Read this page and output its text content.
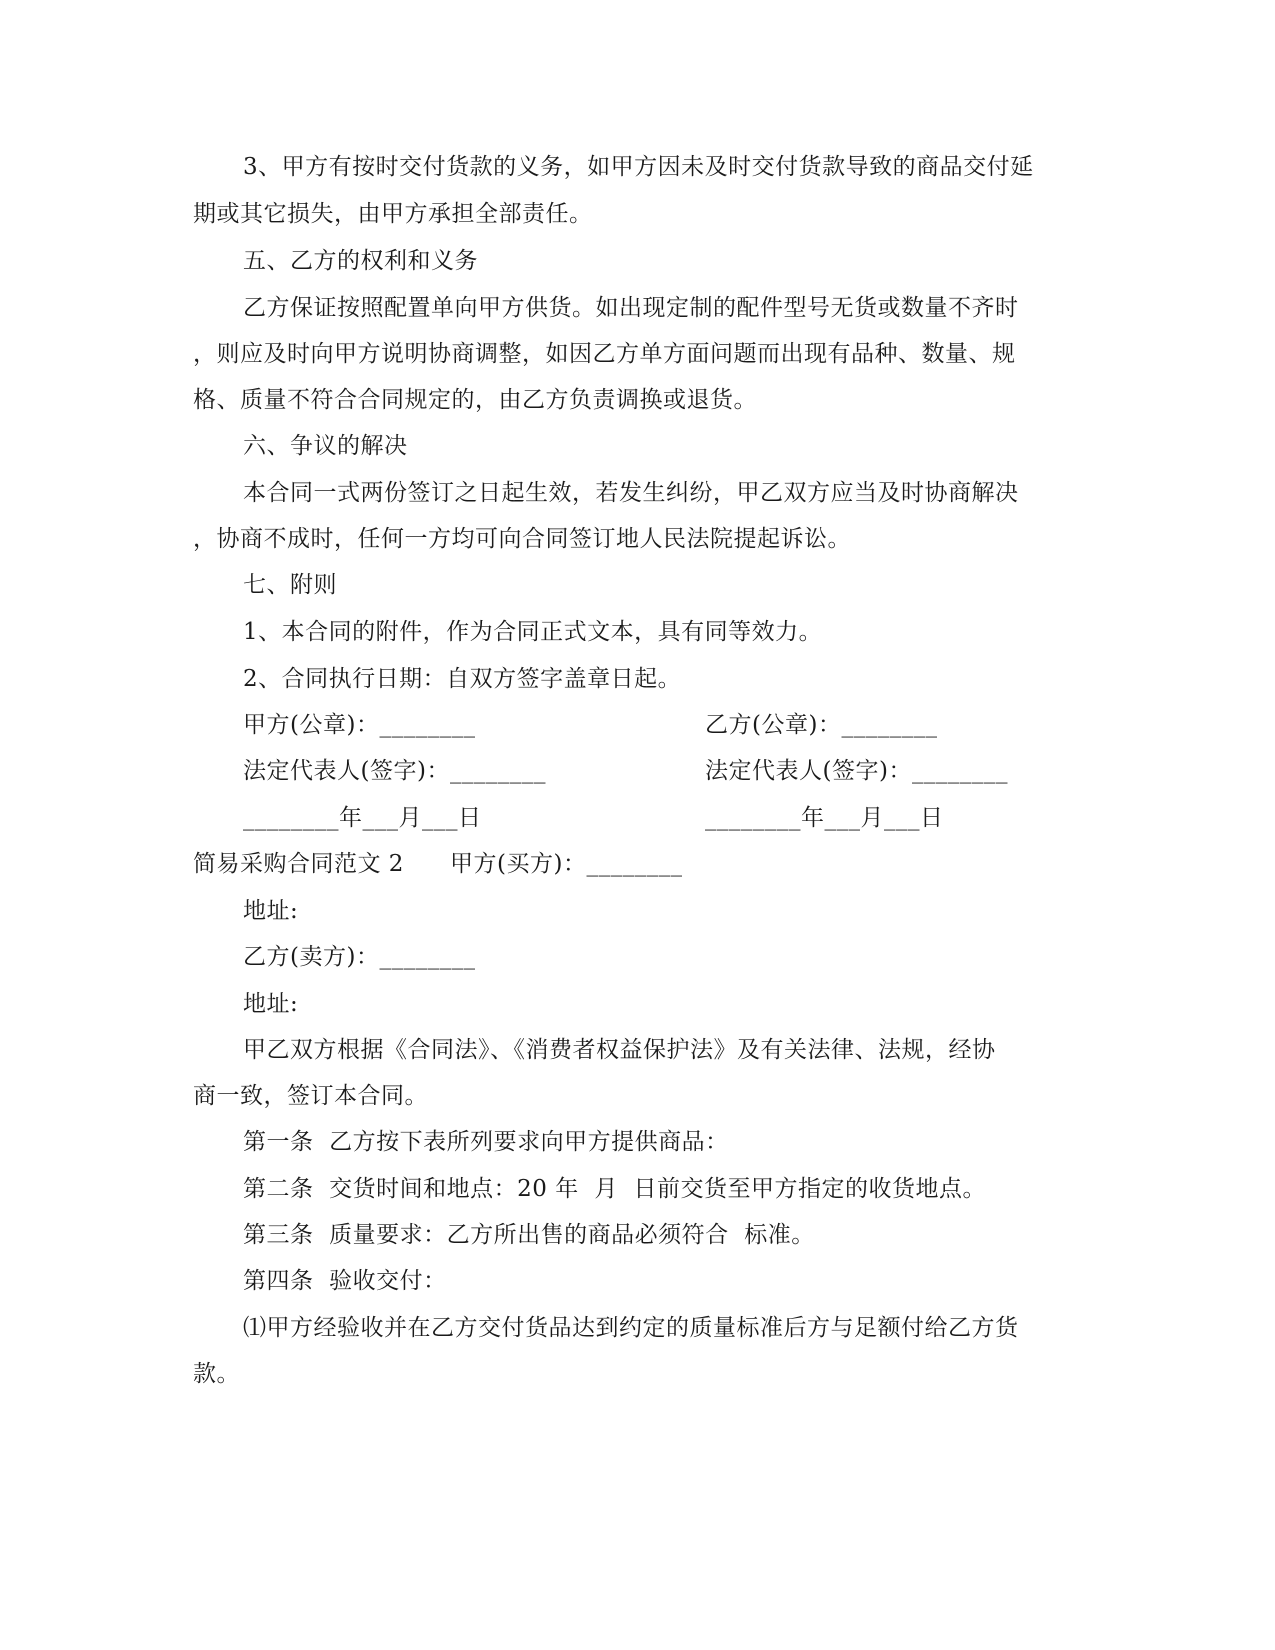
3、甲方有按时交付货款的义务，如甲方因未及时交付货款导致的商品交付延
期或其它损失，由甲方承担全部责任。
五、乙方的权利和义务
乙方保证按照配置单向甲方供货。如出现定制的配件型号无货或数量不齐时
，则应及时向甲方说明协商调整，如因乙方单方面问题而出现有品种、数量、规
格、质量不符合合同规定的，由乙方负责调换或退货。
六、争议的解决
本合同一式两份签订之日起生效，若发生纠纷，甲乙双方应当及时协商解决
，协商不成时，任何一方均可向合同签订地人民法院提起诉讼。
七、附则
1、本合同的附件，作为合同正式文本，具有同等效力。
2、合同执行日期：自双方签字盖章日起。
甲方(公章)：________	乙方(公章)：________
法定代表人(签字)：________	法定代表人(签字)：________
________年___月___日	________年___月___日
简易采购合同范文 2	甲方(买方)：________
地址:
乙方(卖方)：________
地址:
甲乙双方根据《合同法》、《消费者权益保护法》及有关法律、法规，经协
商一致，签订本合同。
第一条  乙方按下表所列要求向甲方提供商品：
第二条  交货时间和地点：20 年  月  日前交货至甲方指定的收货地点。
第三条  质量要求：乙方所出售的商品必须符合  标准。
第四条  验收交付：
⑴甲方经验收并在乙方交付货品达到约定的质量标准后方与足额付给乙方货
款。
